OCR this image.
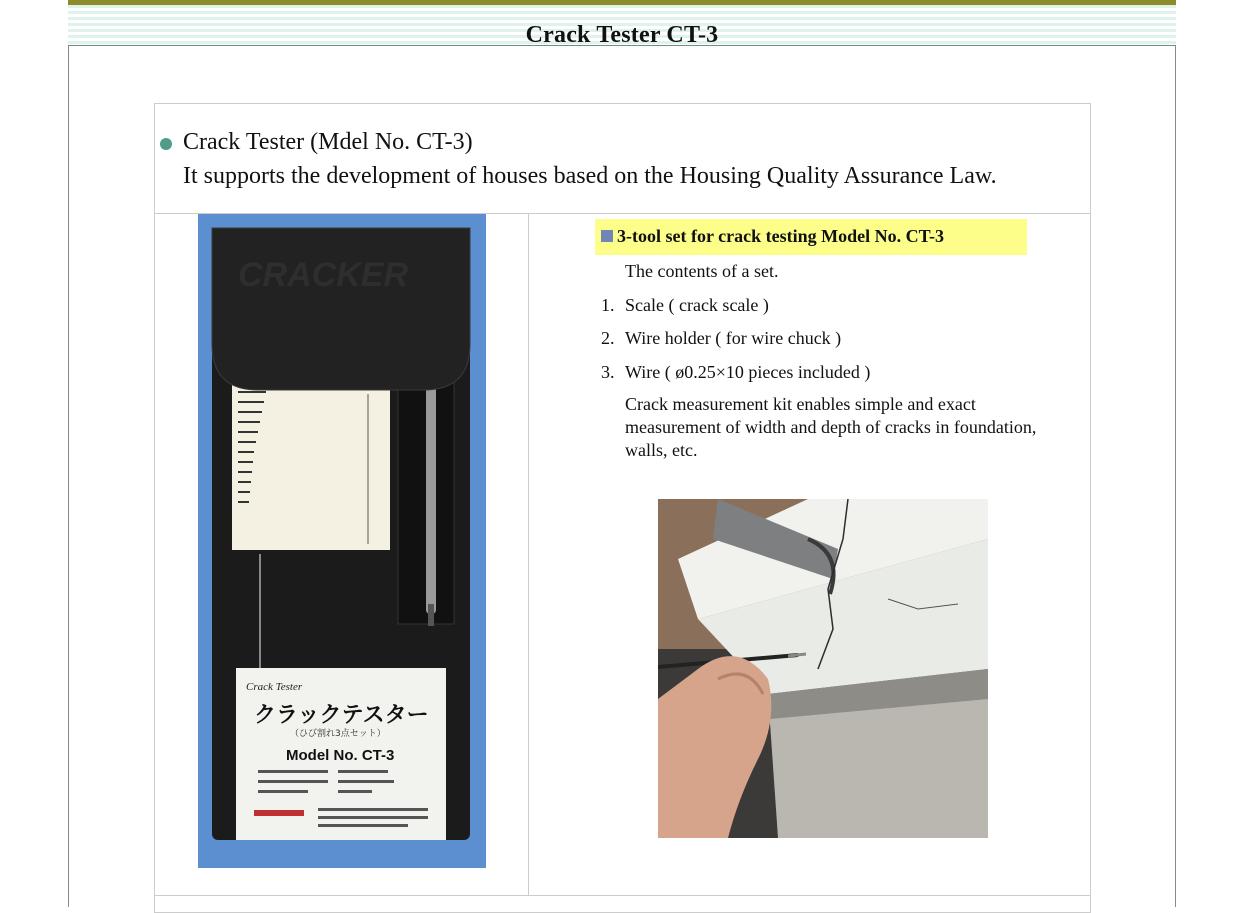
Crack Tester CT-3
Crack Tester (Mdel No. CT-3)
It supports the development of houses based on the Housing Quality Assurance Law.
CRACKER
Crack Tester
クラックテスター
（ひび割れ3点セット）
Model No. CT-3
3-tool set for crack testing Model No. CT-3
The contents of a set.
1. Scale ( crack scale )
2. Wire holder ( for wire chuck )
3. Wire ( ø0.25×10 pieces included )
Crack measurement kit enables simple and exact measurement of width and depth of cracks in foundation, walls, etc.
